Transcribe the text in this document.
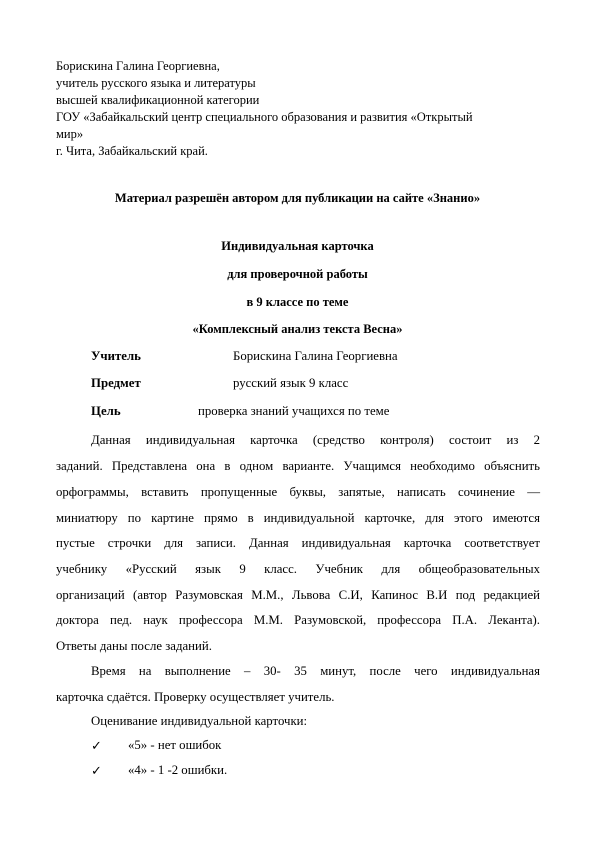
Борискина Галина Георгиевна,
учитель русского языка и литературы
высшей квалификационной категории
ГОУ «Забайкальский центр специального образования и развития «Открытый
мир»
г. Чита, Забайкальский край.
Материал разрешён автором для публикации на сайте «Знанио»
Индивидуальная карточка
для проверочной работы
в 9 классе по теме
«Комплексный анализ текста Весна»
Учитель	Борискина Галина Георгиевна
Предмет	русский язык 9 класс
Цель	проверка знаний учащихся по теме
Данная индивидуальная карточка (средство контроля) состоит из 2
заданий. Представлена она в одном варианте. Учащимся необходимо объяснить
орфограммы, вставить пропущенные буквы, запятые, написать сочинение —
миниатюру по картине прямо в индивидуальной карточке, для этого имеются
пустые строчки для записи. Данная индивидуальная карточка соответствует
учебнику «Русский язык 9 класс. Учебник для общеобразовательных
организаций (автор Разумовская М.М., Львова С.И, Капинос В.И под редакцией
доктора пед. наук профессора М.М. Разумовской, профессора П.А. Леканта).
Ответы даны после заданий.
Время на выполнение – 30- 35 минут, после чего индивидуальная
карточка сдаётся. Проверку осуществляет учитель.
Оценивание индивидуальной карточки:
✓ «5» - нет ошибок
✓ «4» - 1 -2 ошибки.
